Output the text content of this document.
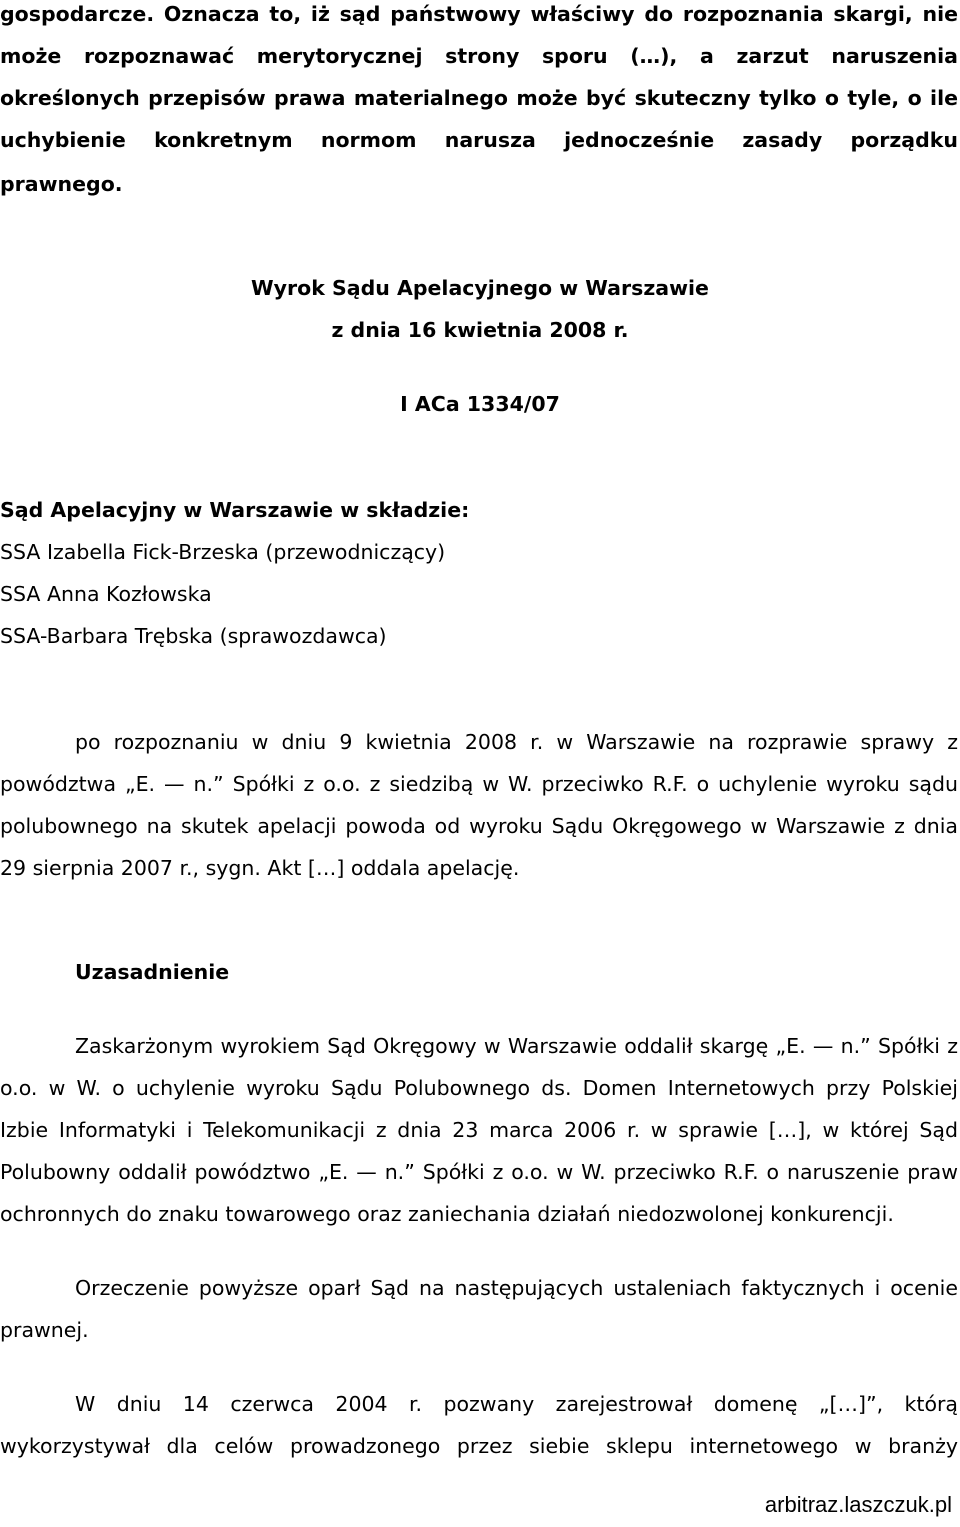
gospodarcze. Oznacza to, iż sąd państwowy właściwy do rozpoznania skargi, nie

może rozpoznawać merytorycznej strony sporu (…), a zarzut naruszenia

określonych przepisów prawa materialnego może być skuteczny tylko o tyle, o ile

uchybienie konkretnym normom narusza jednocześnie zasady porządku

prawnego.

Wyrok Sądu Apelacyjnego w Warszawie

z dnia 16 kwietnia 2008 r.

I ACa 1334/07

Sąd Apelacyjny w Warszawie w składzie:

SSA Izabella Fick-Brzeska (przewodniczący)

SSA Anna Kozłowska

SSA-Barbara Trębska (sprawozdawca)

po rozpoznaniu w dniu 9 kwietnia 2008 r. w Warszawie na rozprawie sprawy z

powództwa „E. — n.” Spółki z o.o. z siedzibą w W. przeciwko R.F. o uchylenie wyroku sądu

polubownego na skutek apelacji powoda od wyroku Sądu Okręgowego w Warszawie z dnia

29 sierpnia 2007 r., sygn. Akt […] oddala apelację.

Uzasadnienie

Zaskarżonym wyrokiem Sąd Okręgowy w Warszawie oddalił skargę „E. — n.” Spółki z

o.o. w W. o uchylenie wyroku Sądu Polubownego ds. Domen Internetowych przy Polskiej

Izbie Informatyki i Telekomunikacji z dnia 23 marca 2006 r. w sprawie […], w której Sąd

Polubowny oddalił powództwo „E. — n.” Spółki z o.o. w W. przeciwko R.F. o naruszenie praw

ochronnych do znaku towarowego oraz zaniechania działań niedozwolonej konkurencji.

Orzeczenie powyższe oparł Sąd na następujących ustaleniach faktycznych i ocenie

prawnej.

W dniu 14 czerwca 2004 r. pozwany zarejestrował domenę „[…]”, którą

wykorzystywał dla celów prowadzonego przez siebie sklepu internetowego w branży

arbitraz.laszczuk.pl
